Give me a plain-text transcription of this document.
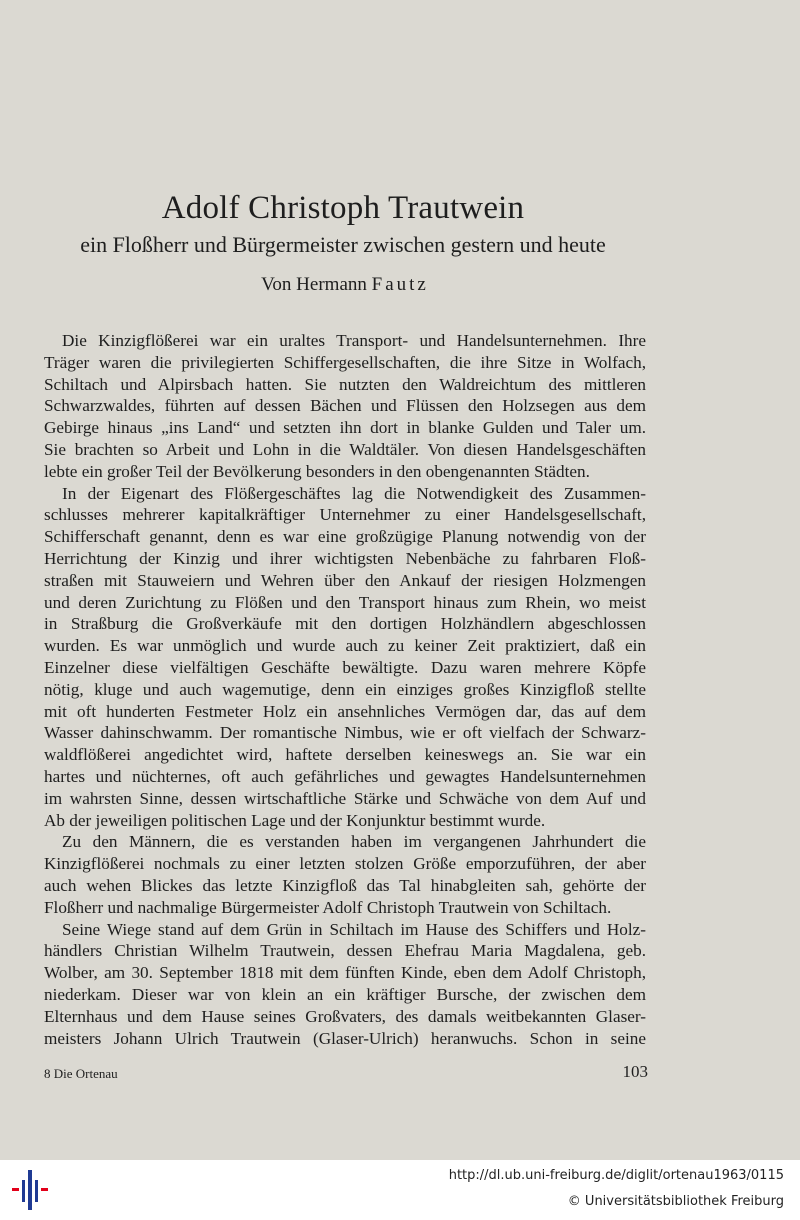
Adolf Christoph Trautwein
ein Floßherr und Bürgermeister zwischen gestern und heute
Von Hermann Fautz
Die Kinzigflößerei war ein uraltes Transport- und Handelsunternehmen. Ihre
Träger waren die privilegierten Schiffergesellschaften, die ihre Sitze in Wolfach,
Schiltach und Alpirsbach hatten. Sie nutzten den Waldreichtum des mittleren
Schwarzwaldes, führten auf dessen Bächen und Flüssen den Holzsegen aus dem
Gebirge hinaus „ins Land“ und setzten ihn dort in blanke Gulden und Taler um.
Sie brachten so Arbeit und Lohn in die Waldtäler. Von diesen Handelsgeschäften
lebte ein großer Teil der Bevölkerung besonders in den obengenannten Städten.
In der Eigenart des Flößergeschäftes lag die Notwendigkeit des Zusammen-
schlusses mehrerer kapitalkräftiger Unternehmer zu einer Handelsgesellschaft,
Schifferschaft genannt, denn es war eine großzügige Planung notwendig von der
Herrichtung der Kinzig und ihrer wichtigsten Nebenbäche zu fahrbaren Floß-
straßen mit Stauweiern und Wehren über den Ankauf der riesigen Holzmengen
und deren Zurichtung zu Flößen und den Transport hinaus zum Rhein, wo meist
in Straßburg die Großverkäufe mit den dortigen Holzhändlern abgeschlossen
wurden. Es war unmöglich und wurde auch zu keiner Zeit praktiziert, daß ein
Einzelner diese vielfältigen Geschäfte bewältigte. Dazu waren mehrere Köpfe
nötig, kluge und auch wagemutige, denn ein einziges großes Kinzigfloß stellte
mit oft hunderten Festmeter Holz ein ansehnliches Vermögen dar, das auf dem
Wasser dahinschwamm. Der romantische Nimbus, wie er oft vielfach der Schwarz-
waldflößerei angedichtet wird, haftete derselben keineswegs an. Sie war ein
hartes und nüchternes, oft auch gefährliches und gewagtes Handelsunternehmen
im wahrsten Sinne, dessen wirtschaftliche Stärke und Schwäche von dem Auf und
Ab der jeweiligen politischen Lage und der Konjunktur bestimmt wurde.
Zu den Männern, die es verstanden haben im vergangenen Jahrhundert die
Kinzigflößerei nochmals zu einer letzten stolzen Größe emporzuführen, der aber
auch wehen Blickes das letzte Kinzigfloß das Tal hinabgleiten sah, gehörte der
Floßherr und nachmalige Bürgermeister Adolf Christoph Trautwein von Schiltach.
Seine Wiege stand auf dem Grün in Schiltach im Hause des Schiffers und Holz-
händlers Christian Wilhelm Trautwein, dessen Ehefrau Maria Magdalena, geb.
Wolber, am 30. September 1818 mit dem fünften Kinde, eben dem Adolf Christoph,
niederkam. Dieser war von klein an ein kräftiger Bursche, der zwischen dem
Elternhaus und dem Hause seines Großvaters, des damals weitbekannten Glaser-
meisters Johann Ulrich Trautwein (Glaser-Ulrich) heranwuchs. Schon in seine
8 Die Ortenau	103
http://dl.ub.uni-freiburg.de/diglit/ortenau1963/0115
© Universitätsbibliothek Freiburg
